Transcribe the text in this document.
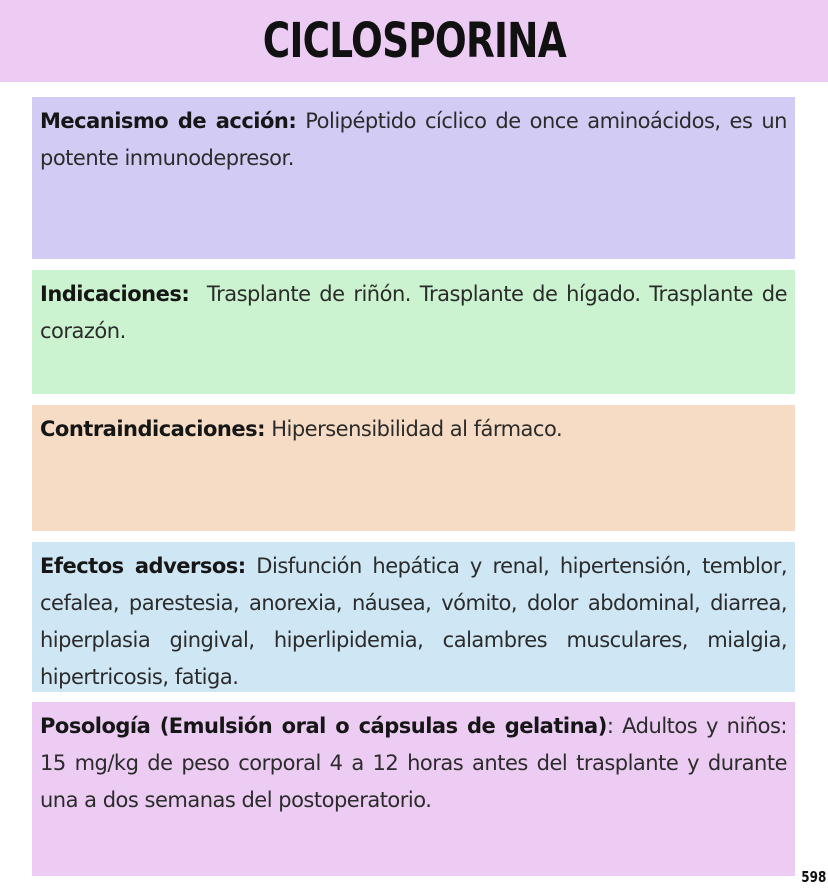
CICLOSPORINA

Mecanismo de acción: Polipéptido cíclico de once aminoácidos, es un potente inmunodepresor.

Indicaciones:  Trasplante de riñón. Trasplante de hígado. Trasplante de corazón.

Contraindicaciones: Hipersensibilidad al fármaco.

Efectos adversos: Disfunción hepática y renal, hipertensión, temblor, cefalea, parestesia, anorexia, náusea, vómito, dolor abdominal, diarrea, hiperplasia gingival, hiperlipidemia, calambres musculares, mialgia, hipertricosis, fatiga.

Posología (Emulsión oral o cápsulas de gelatina): Adultos y niños: 15 mg/kg de peso corporal 4 a 12 horas antes del trasplante y durante una a dos semanas del postoperatorio.

598
